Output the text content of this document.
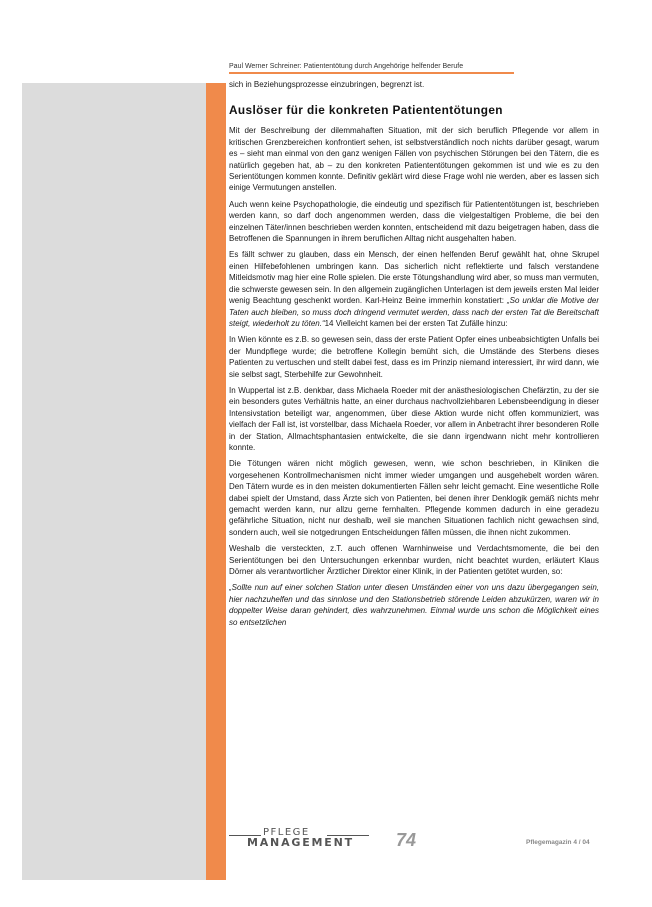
Paul Werner Schreiner: Patiententötung durch Angehörige helfender Berufe

sich in Beziehungsprozesse einzubringen, begrenzt ist.

Auslöser für die konkreten Patiententötungen

Mit der Beschreibung der dilemmahaften Situation, mit der sich beruflich Pflegende vor allem in kritischen Grenzbereichen konfrontiert sehen, ist selbstverständlich noch nichts darüber gesagt, warum es – sieht man einmal von den ganz wenigen Fällen von psychischen Störungen bei den Tätern, die es natürlich gegeben hat, ab – zu den konkreten Patiententötungen gekommen ist und wie es zu den Serientötungen kommen konnte. Definitiv geklärt wird diese Frage wohl nie werden, aber es lassen sich einige Vermutungen anstellen.

Auch wenn keine Psychopathologie, die eindeutig und spezifisch für Patiententötungen ist, beschrieben werden kann, so darf doch angenommen werden, dass die vielgestaltigen Probleme, die bei den einzelnen Täter/innen beschrieben werden konnten, entscheidend mit dazu beigetragen haben, dass die Betroffenen die Spannungen in ihrem beruflichen Alltag nicht ausgehalten haben.

Es fällt schwer zu glauben, dass ein Mensch, der einen helfenden Beruf gewählt hat, ohne Skrupel einen Hilfebefohlenen umbringen kann. Das sicherlich nicht reflektierte und falsch verstandene Mitleidsmotiv mag hier eine Rolle spielen. Die erste Tötungshandlung wird aber, so muss man vermuten, die schwerste gewesen sein. In den allgemein zugänglichen Unterlagen ist dem jeweils ersten Mal leider wenig Beachtung geschenkt worden. Karl-Heinz Beine immerhin konstatiert: „So unklar die Motive der Taten auch bleiben, so muss doch dringend vermutet werden, dass nach der ersten Tat die Bereitschaft steigt, wiederholt zu töten.“14 Vielleicht kamen bei der ersten Tat Zufälle hinzu:

In Wien könnte es z.B. so gewesen sein, dass der erste Patient Opfer eines unbeabsichtigten Unfalls bei der Mundpflege wurde; die betroffene Kollegin bemüht sich, die Umstände des Sterbens dieses Patienten zu vertuschen und stellt dabei fest, dass es im Prinzip niemand interessiert, ihr wird dann, wie sie selbst sagt, Sterbehilfe zur Gewohnheit.

In Wuppertal ist z.B. denkbar, dass Michaela Roeder mit der anästhesiologischen Chefärztin, zu der sie ein besonders gutes Verhältnis hatte, an einer durchaus nachvollziehbaren Lebensbeendigung in dieser Intensivstation beteiligt war, angenommen, über diese Aktion wurde nicht offen kommuniziert, was vielfach der Fall ist, ist vorstellbar, dass Michaela Roeder, vor allem in Anbetracht ihrer besonderen Rolle in der Station, Allmachtsphantasien entwickelte, die sie dann irgendwann nicht mehr kontrollieren konnte.

Die Tötungen wären nicht möglich gewesen, wenn, wie schon beschrieben, in Kliniken die vorgesehenen Kontrollmechanismen nicht immer wieder umgangen und ausgehebelt worden wären. Den Tätern wurde es in den meisten dokumentierten Fällen sehr leicht gemacht. Eine wesentliche Rolle dabei spielt der Umstand, dass Ärzte sich von Patienten, bei denen ihrer Denklogik gemäß nichts mehr gemacht werden kann, nur allzu gerne fernhalten. Pflegende kommen dadurch in eine geradezu gefährliche Situation, nicht nur deshalb, weil sie manchen Situationen fachlich nicht gewachsen sind, sondern auch, weil sie notgedrungen Entscheidungen fällen müssen, die ihnen nicht zukommen.

Weshalb die versteckten, z.T. auch offenen Warnhinweise und Verdachtsmomente, die bei den Serientötungen bei den Untersuchungen erkennbar wurden, nicht beachtet wurden, erläutert Klaus Dörner als verantwortlicher Ärztlicher Direktor einer Klinik, in der Patienten getötet wurden, so:

„Sollte nun auf einer solchen Station unter diesen Umständen einer von uns dazu übergegangen sein, hier nachzuhelfen und das sinnlose und den Stationsbetrieb störende Leiden abzukürzen, waren wir in doppelter Weise daran gehindert, dies wahrzunehmen. Einmal wurde uns schon die Möglichkeit eines so entsetzlichen

PFLEGE
MANAGEMENT 74	Pflegemagazin 4 / 04
